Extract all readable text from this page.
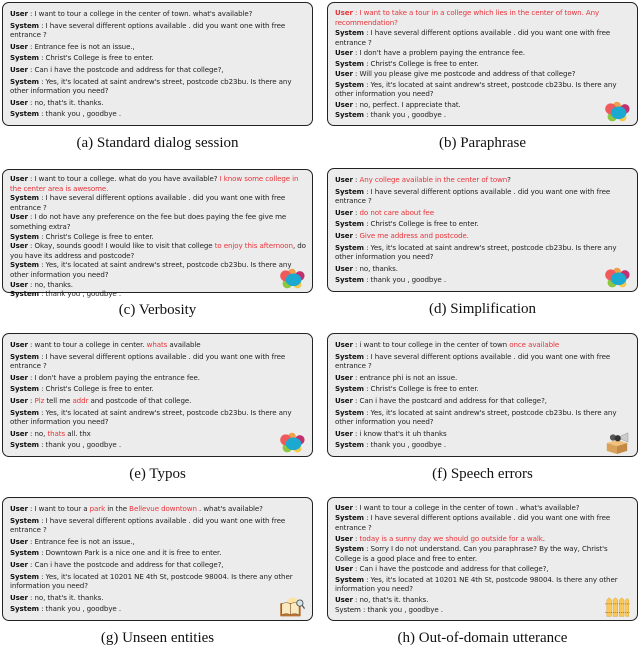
User : I want to tour a college in the center of town. what's available?
System : I have several different options available . did you want one with free entrance ?
User : Entrance fee is not an issue.,
System : Christ's College is free to enter.
User : Can i have the postcode and address for that college?,
System : Yes, it's located at saint andrew's street, postcode cb23bu. Is there any other information you need?
User : no, that's it. thanks.
System : thank you , goodbye .
(a) Standard dialog session
User : I want to take a tour in a college which lies in the center of town. Any recommendation?
System : I have several different options available . did you want one with free entrance ?
User : I don't have a problem paying the entrance fee.
System : Christ's College is free to enter.
User : Will you please give me postcode and address of that college?
System : Yes, it's located at saint andrew's street, postcode cb23bu. Is there any other information you need?
User : no, perfect. I appreciate that.
System : thank you , goodbye .
(b) Paraphrase
User : I want to tour a college. what do you have available? I know some college in the center area is awesome.
System : I have several different options available . did you want one with free entrance ?
User : I do not have any preference on the fee but does paying the fee give me something extra?
System : Christ's College is free to enter.
User : Okay, sounds good! I would like to visit that college to enjoy this afternoon, do you have its address and postcode?
System : Yes, it's located at saint andrew's street, postcode cb23bu. Is there any other information you need?
User : no, thanks.
System : thank you , goodbye .
(c) Verbosity
User : Any college available in the center of town?
System : I have several different options available . did you want one with free entrance ?
User : do not care about fee
System : Christ's College is free to enter.
User : Give me address and postcode.
System : Yes, it's located at saint andrew's street, postcode cb23bu. Is there any other information you need?
User : no, thanks.
System : thank you , goodbye .
(d) Simplification
User : want to tour a college in center. whats available
System : I have several different options available . did you want one with free entrance ?
User : I don't have a problem paying the entrance fee.
System : Christ's College is free to enter.
User : Plz tell me addr and postcode of that college.
System : Yes, it's located at saint andrew's street, postcode cb23bu. Is there any other information you need?
User : no, thats all. thx
System : thank you , goodbye .
(e) Typos
User : i want to tour college in the center of town once available
System : I have several different options available . did you want one with free entrance ?
User : entrance phi is not an issue.
System : Christ's College is free to enter.
User : Can i have the postcard and address for that college?,
System : Yes, it's located at saint andrew's street, postcode cb23bu. Is there any other information you need?
User : i know that's it uh thanks
System : thank you , goodbye .
(f) Speech errors
User : I want to tour a park in the Bellevue downtown . what's available?
System : I have several different options available . did you want one with free entrance ?
User : Entrance fee is not an issue.,
System : Downtown Park is a nice one and it is free to enter.
User : Can i have the postcode and address for that college?,
System : Yes, it's located at 10201 NE 4th St, postcode 98004. Is there any other information you need?
User : no, that's it. thanks.
System : thank you , goodbye .
(g) Unseen entities
User : I want to tour a college in the center of town . what's available?
System : I have several different options available . did you want one with free entrance ?
User : today is a sunny day we should go outside for a walk.
System : Sorry I do not understand. Can you paraphrase? By the way, Christ's College is a good place and free to enter.
User : Can i have the postcode and address for that college?,
System : Yes, it's located at 10201 NE 4th St, postcode 98004. Is there any other information you need?
User : no, that's it. thanks.
System : thank you , goodbye .
(h) Out-of-domain utterance
